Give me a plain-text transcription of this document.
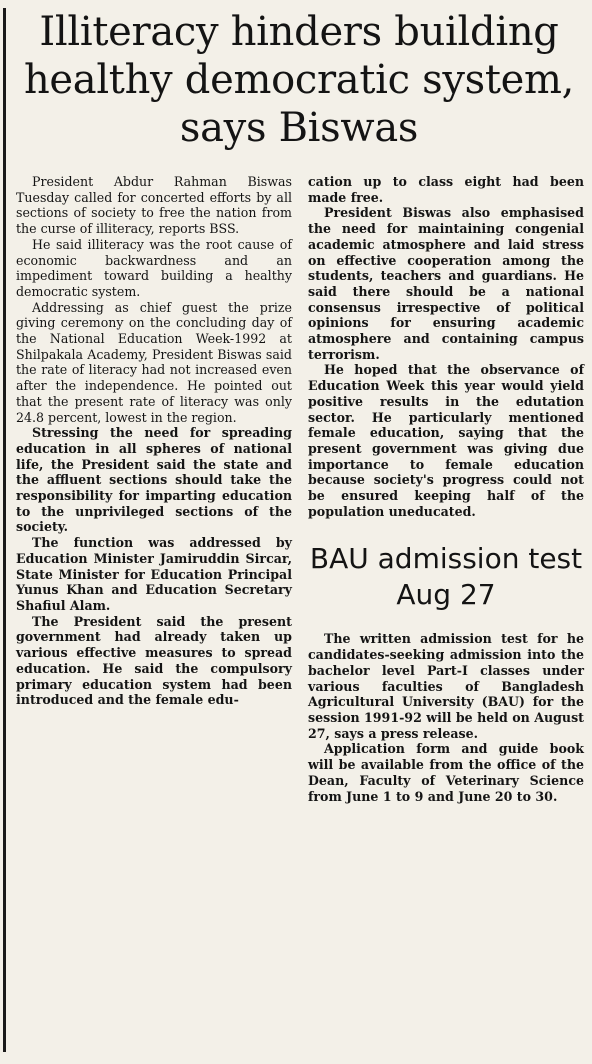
Illiteracy hinders building healthy democratic system, says Biswas

President Abdur Rahman Biswas Tuesday called for concerted efforts by all sections of society to free the nation from the curse of illiteracy, reports BSS.

He said illiteracy was the root cause of economic backwardness and an impediment toward building a healthy democratic system.

Addressing as chief guest the prize giving ceremony on the concluding day of the National Education Week-1992 at Shilpakala Academy, President Biswas said the rate of literacy had not increased even after the independence. He pointed out that the present rate of literacy was only 24.8 percent, lowest in the region.

Stressing the need for spreading education in all spheres of national life, the President said the state and the affluent sections should take the responsibility for imparting education to the unprivileged sections of the society.

The function was addressed by Education Minister Jamiruddin Sircar, State Minister for Education Principal Yunus Khan and Education Secretary Shafiul Alam.

The President said the present government had already taken up various effective measures to spread education. He said the compulsory primary education system had been introduced and the female edu-

cation up to class eight had been made free.

President Biswas also emphasised the need for maintaining congenial academic atmosphere and laid stress on effective cooperation among the students, teachers and guardians. He said there should be a national consensus irrespective of political opinions for ensuring academic atmosphere and containing campus terrorism.

He hoped that the observance of Education Week this year would yield positive results in the edutation sector. He particularly mentioned female education, saying that the present government was giving due importance to female education because society's progress could not be ensured keeping half of the population uneducated.

BAU admission test Aug 27

The written admission test for he candidates-seeking admission into the bachelor level Part-I classes under various faculties of Bangladesh Agricultural University (BAU) for the session 1991-92 will be held on August 27, says a press release.

Application form and guide book will be available from the office of the Dean, Faculty of Veterinary Science from June 1 to 9 and June 20 to 30.
